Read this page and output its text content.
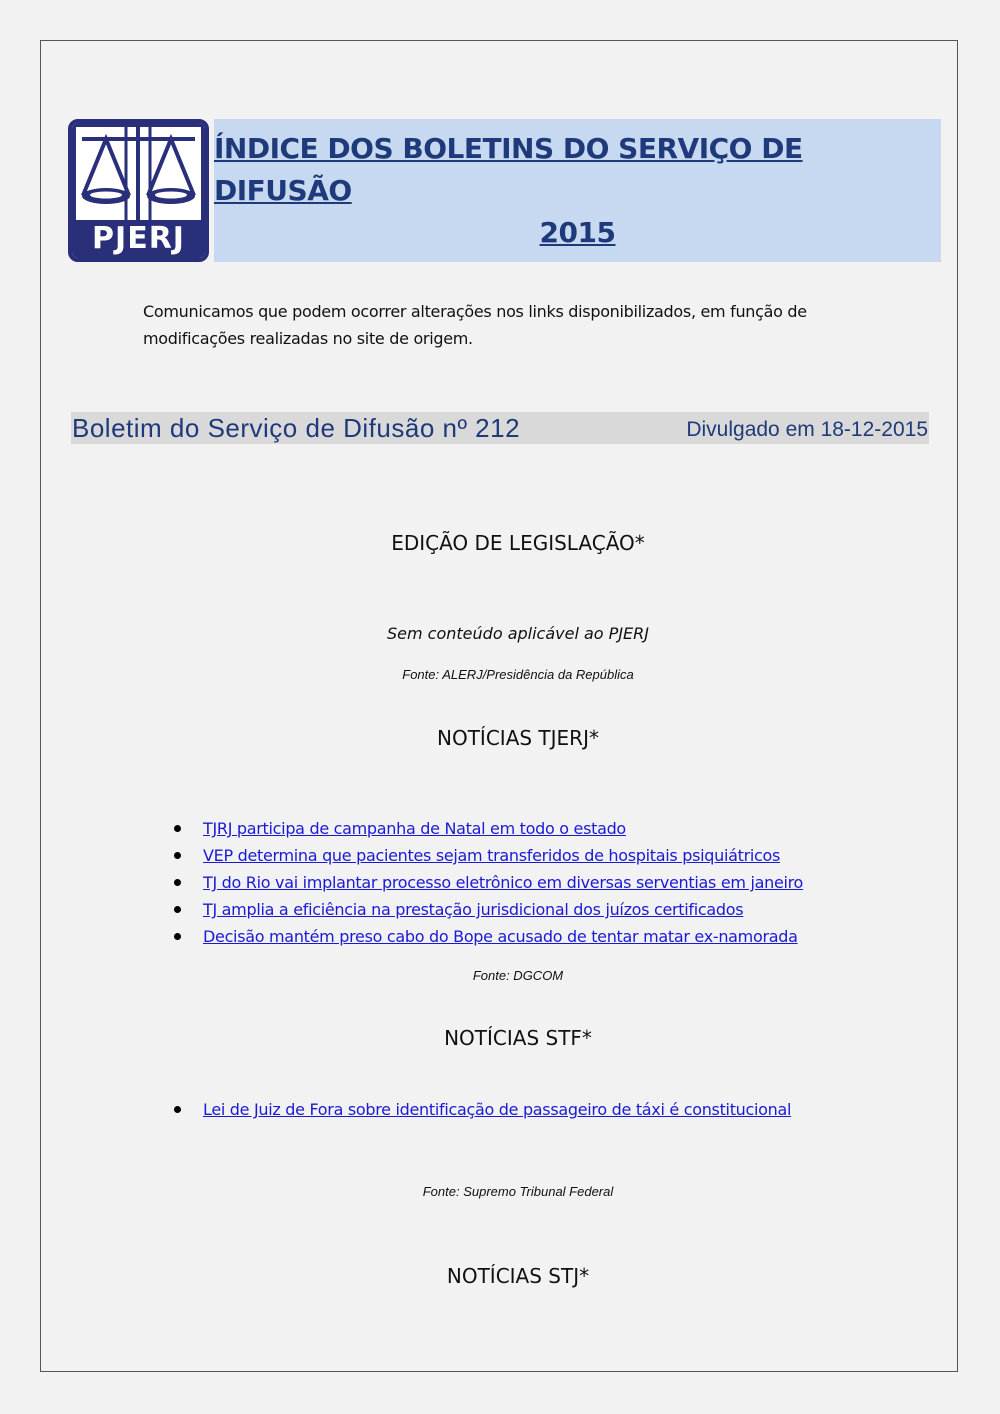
PJERJ
ÍNDICE DOS BOLETINS DO SERVIÇO DE DIFUSÃO
2015
Comunicamos que podem ocorrer alterações nos links disponibilizados, em função de modificações realizadas no site de origem.
Boletim do Serviço de Difusão nº 212	Divulgado em 18-12-2015
EDIÇÃO DE LEGISLAÇÃO*
Sem conteúdo aplicável ao PJERJ
Fonte: ALERJ/Presidência da República
NOTÍCIAS TJERJ*
TJRJ participa de campanha de Natal em todo o estado
VEP determina que pacientes sejam transferidos de hospitais psiquiátricos
TJ do Rio vai implantar processo eletrônico em diversas serventias em janeiro
TJ amplia a eficiência na prestação jurisdicional dos juízos certificados
Decisão mantém preso cabo do Bope acusado de tentar matar ex-namorada
Fonte: DGCOM
NOTÍCIAS STF*
Lei de Juiz de Fora sobre identificação de passageiro de táxi é constitucional
Fonte: Supremo Tribunal Federal
NOTÍCIAS STJ*
